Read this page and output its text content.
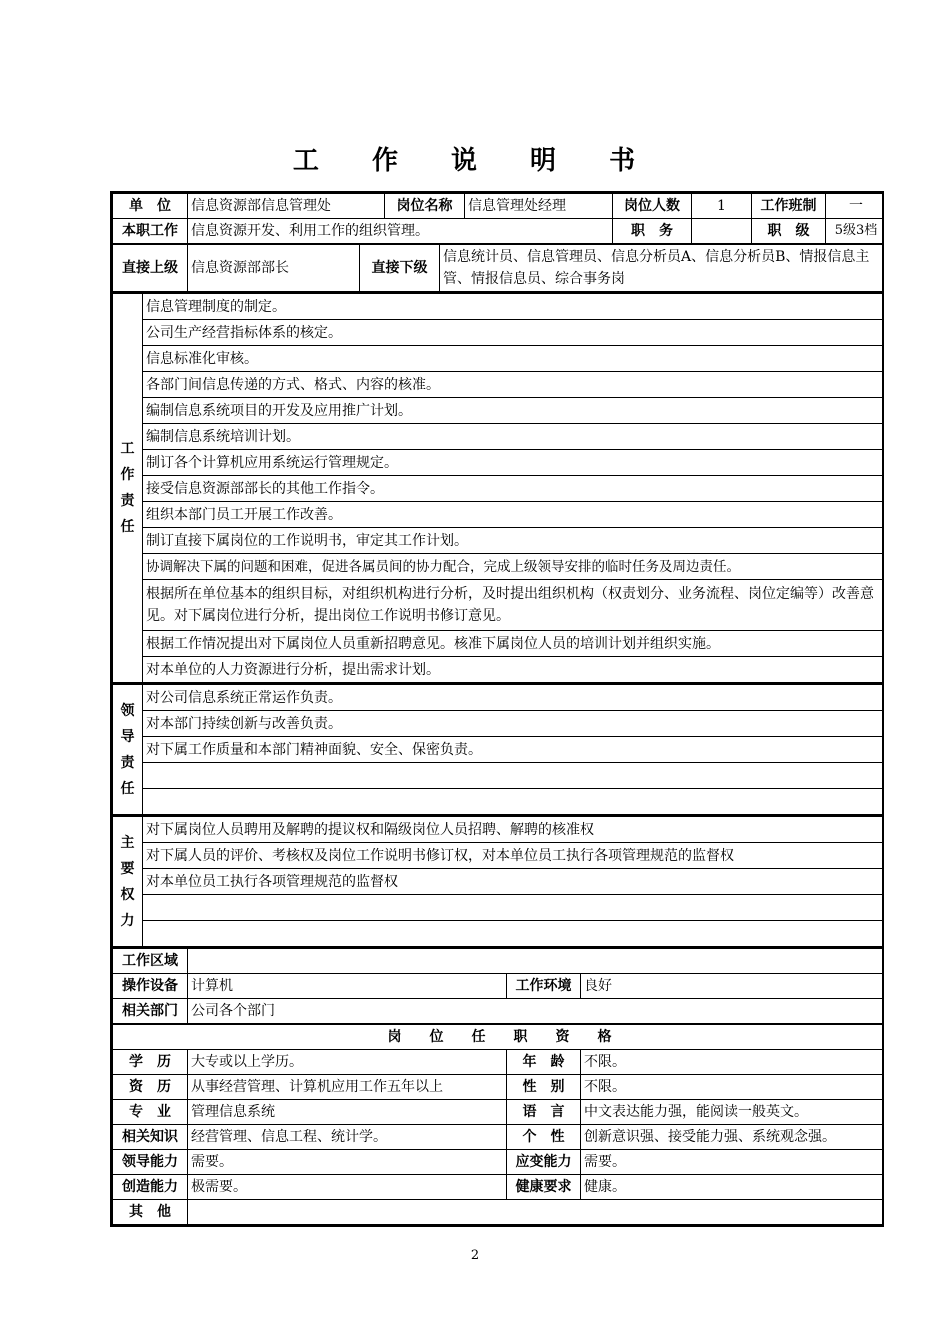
工 作 说 明 书
单　位	信息资源部信息管理处	岗位名称	信息管理处经理	岗位人数	1	工作班制	一
本职工作	信息资源开发、利用工作的组织管理。	职　务		职　级	5级3档
直接上级	信息资源部部长	直接下级	信息统计员、信息管理员、信息分析员A、信息分析员B、情报信息主管、情报信息员、综合事务岗
工
作
责
任
	信息管理制度的制定。
公司生产经营指标体系的核定。
信息标准化审核。
各部门间信息传递的方式、格式、内容的核准。
编制信息系统项目的开发及应用推广计划。
编制信息系统培训计划。
制订各个计算机应用系统运行管理规定。
接受信息资源部部长的其他工作指令。
组织本部门员工开展工作改善。
制订直接下属岗位的工作说明书，审定其工作计划。
协调解决下属的问题和困难，促进各属员间的协力配合，完成上级领导安排的临时任务及周边责任。
根据所在单位基本的组织目标，对组织机构进行分析，及时提出组织机构（权责划分、业务流程、岗位定编等）改善意见。对下属岗位进行分析，提出岗位工作说明书修订意见。
根据工作情况提出对下属岗位人员重新招聘意见。核准下属岗位人员的培训计划并组织实施。
对本单位的人力资源进行分析，提出需求计划。
领
导
责
任
	对公司信息系统正常运作负责。
对本部门持续创新与改善负责。
对下属工作质量和本部门精神面貌、安全、保密负责。

主
要
权
力
	对下属岗位人员聘用及解聘的提议权和隔级岗位人员招聘、解聘的核准权
对下属人员的评价、考核权及岗位工作说明书修订权，对本单位员工执行各项管理规范的监督权
对本单位员工执行各项管理规范的监督权

工作区域	
操作设备	计算机	工作环境	良好
相关部门	公司各个部门
岗　　位　　任　　职　　资　　格
学　历	大专或以上学历。	年　龄	不限。
资　历	从事经营管理、计算机应用工作五年以上	性　别	不限。
专　业	管理信息系统	语　言	中文表达能力强，能阅读一般英文。
相关知识	经营管理、信息工程、统计学。	个　性	创新意识强、接受能力强、系统观念强。
领导能力	需要。	应变能力	需要。
创造能力	极需要。	健康要求	健康。
其　他	
2
